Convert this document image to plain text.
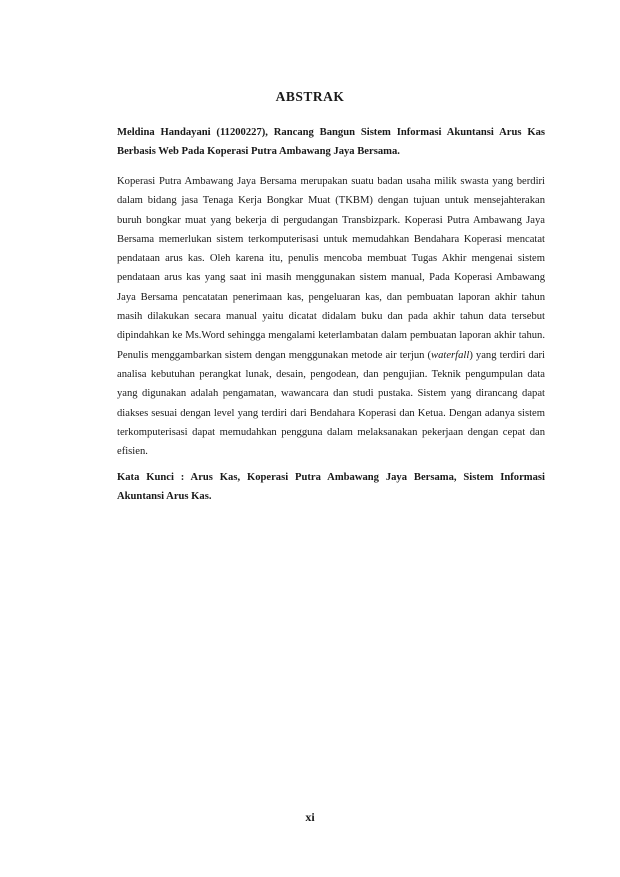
ABSTRAK
Meldina Handayani (11200227), Rancang Bangun Sistem Informasi Akuntansi Arus Kas Berbasis Web Pada Koperasi Putra Ambawang Jaya Bersama.
Koperasi Putra Ambawang Jaya Bersama merupakan suatu badan usaha milik swasta yang berdiri dalam bidang jasa Tenaga Kerja Bongkar Muat (TKBM) dengan tujuan untuk mensejahterakan buruh bongkar muat yang bekerja di pergudangan Transbizpark. Koperasi Putra Ambawang Jaya Bersama memerlukan sistem terkomputerisasi untuk memudahkan Bendahara Koperasi mencatat pendataan arus kas. Oleh karena itu, penulis mencoba membuat Tugas Akhir mengenai sistem pendataan arus kas yang saat ini masih menggunakan sistem manual, Pada Koperasi Ambawang Jaya Bersama pencatatan penerimaan kas, pengeluaran kas, dan pembuatan laporan akhir tahun masih dilakukan secara manual yaitu dicatat didalam buku dan pada akhir tahun data tersebut dipindahkan ke Ms.Word sehingga mengalami keterlambatan dalam pembuatan laporan akhir tahun. Penulis menggambarkan sistem dengan menggunakan metode air terjun (waterfall) yang terdiri dari analisa kebutuhan perangkat lunak, desain, pengodean, dan pengujian. Teknik pengumpulan data yang digunakan adalah pengamatan, wawancara dan studi pustaka. Sistem yang dirancang dapat diakses sesuai dengan level yang terdiri dari Bendahara Koperasi dan Ketua. Dengan adanya sistem terkomputerisasi dapat memudahkan pengguna dalam melaksanakan pekerjaan dengan cepat dan efisien.
Kata Kunci : Arus Kas, Koperasi Putra Ambawang Jaya Bersama, Sistem Informasi Akuntansi Arus Kas.
xi
